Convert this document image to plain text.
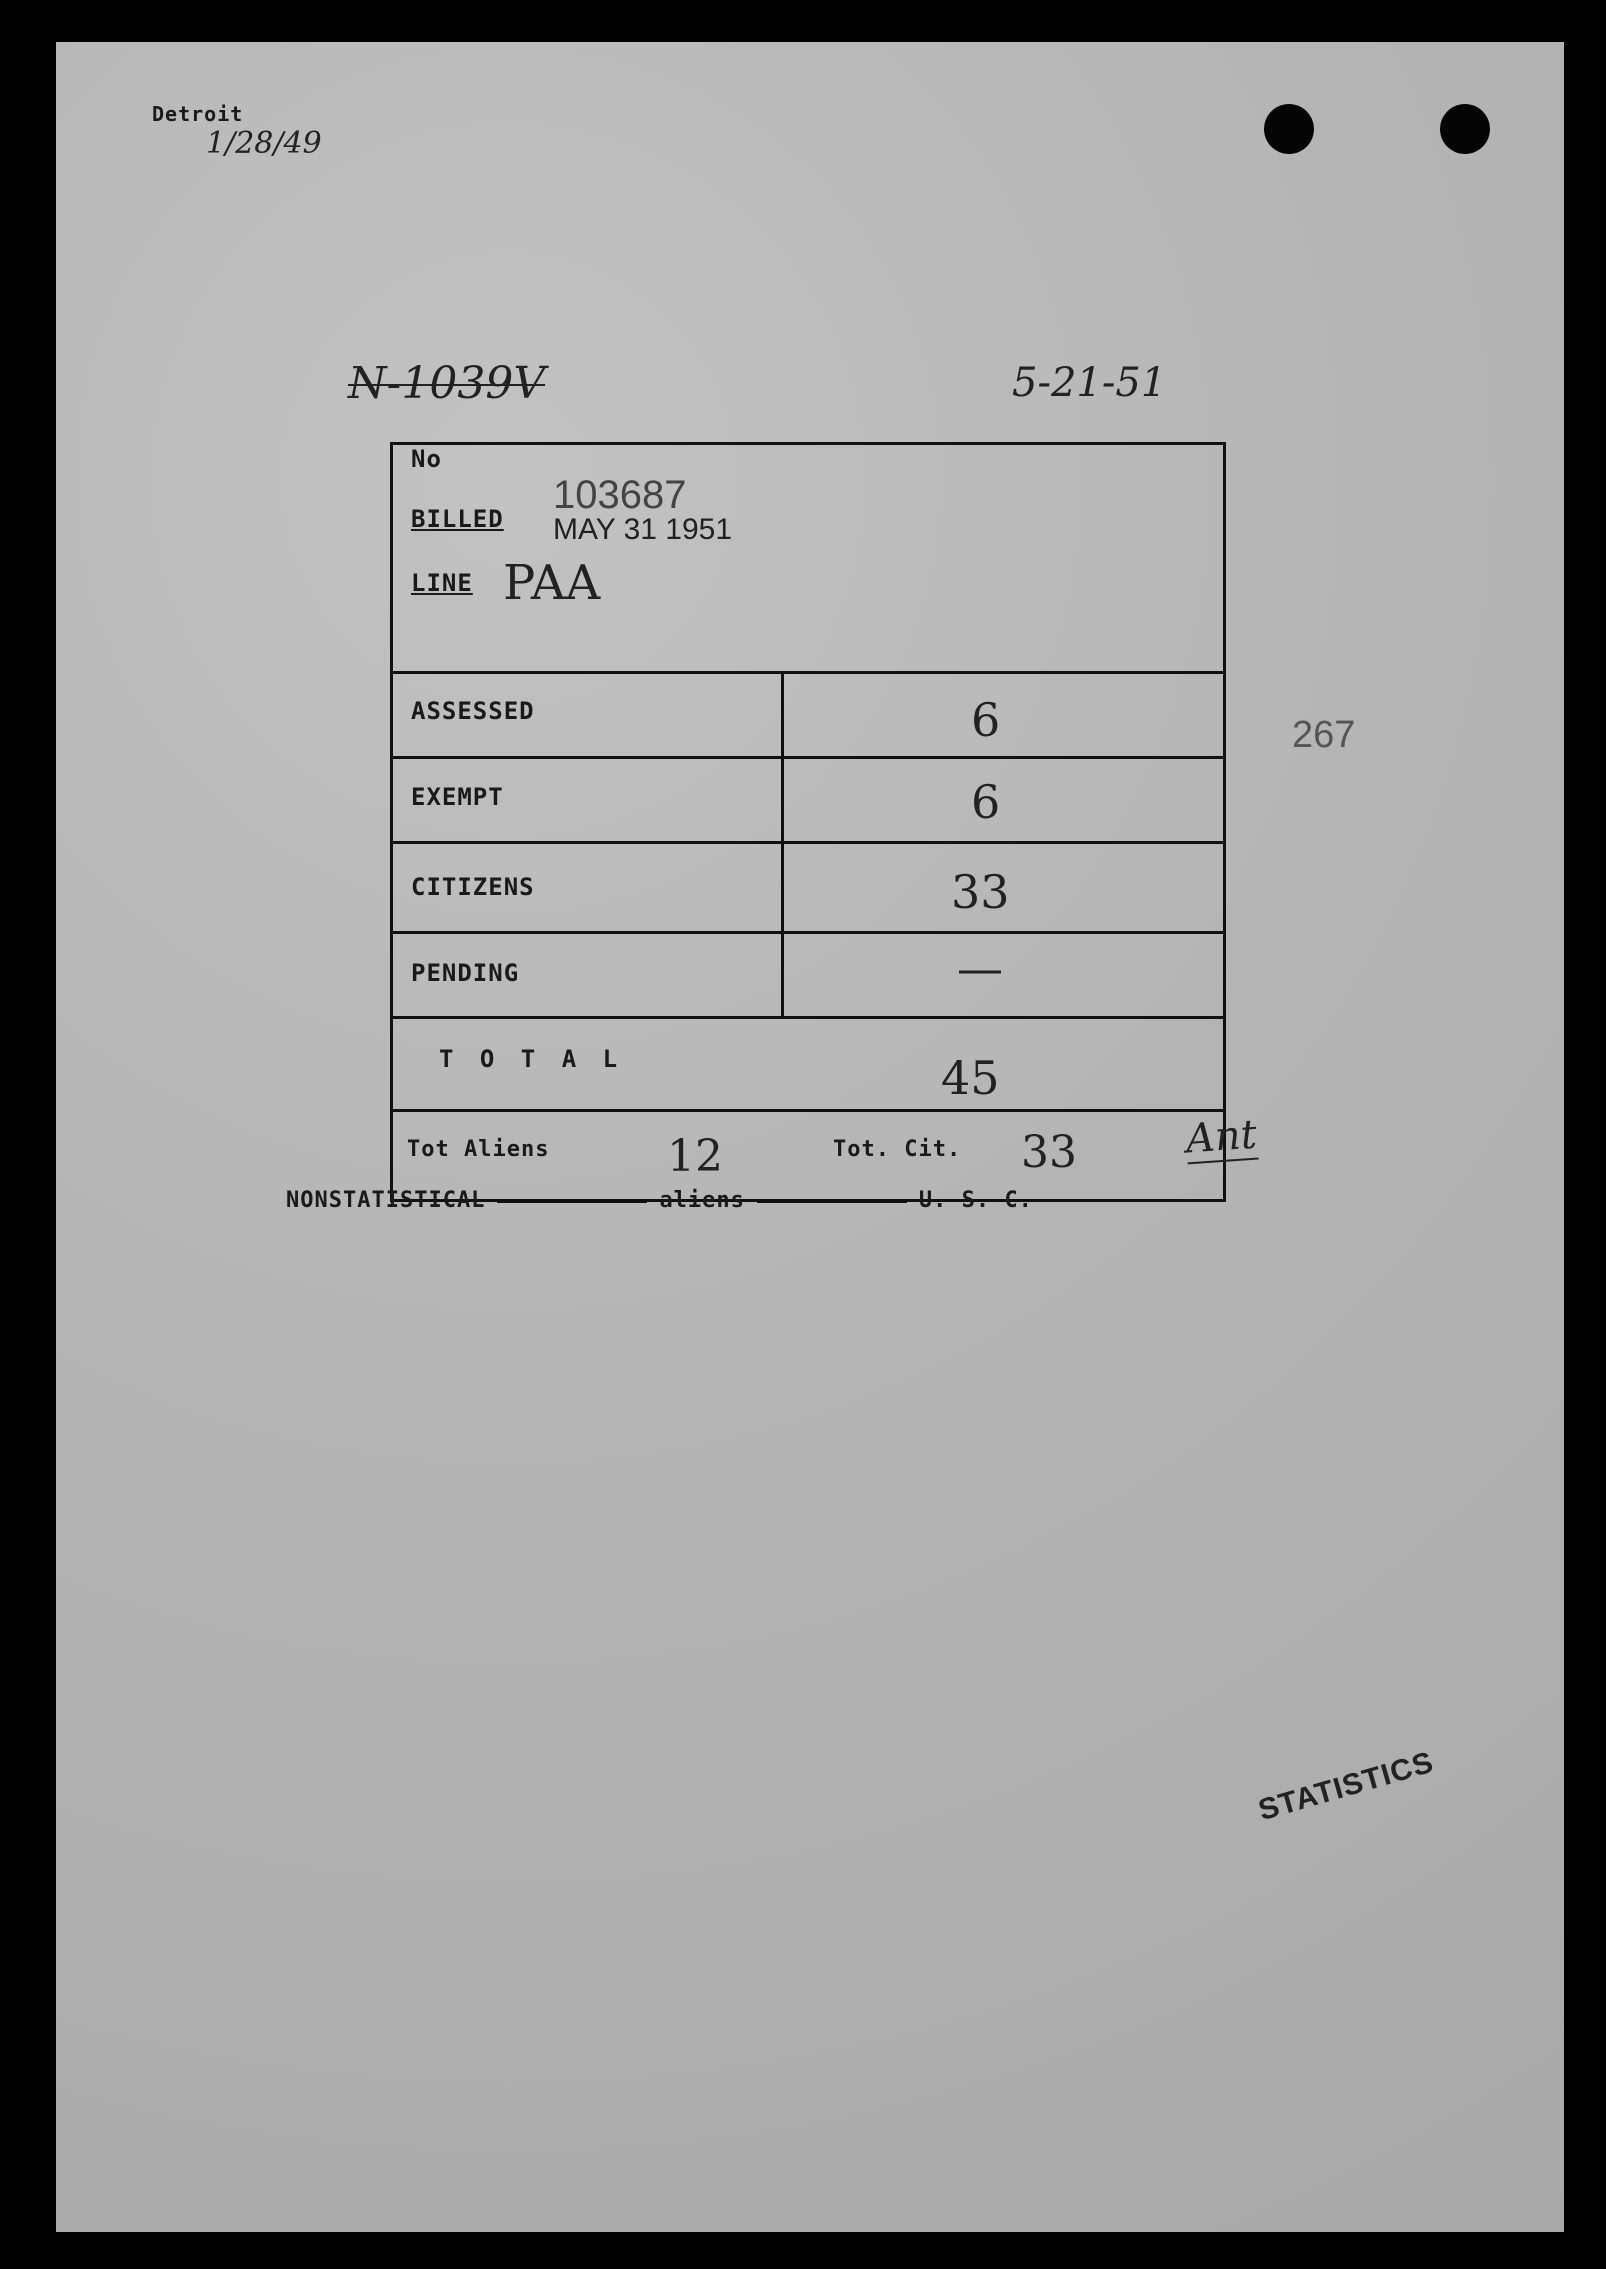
Detroit
1/28/49
N-1039V	5-21-51
267
No
103687
BILLED MAY 31 1951
LINE PAA
ASSESSED	6
EXEMPT	6
CITIZENS	33
PENDING	—
T O T A L	45
Tot Aliens	12	Tot. Cit. 33	Ant
NONSTATISTICAL	aliens	U. S. C.
STATISTICS
